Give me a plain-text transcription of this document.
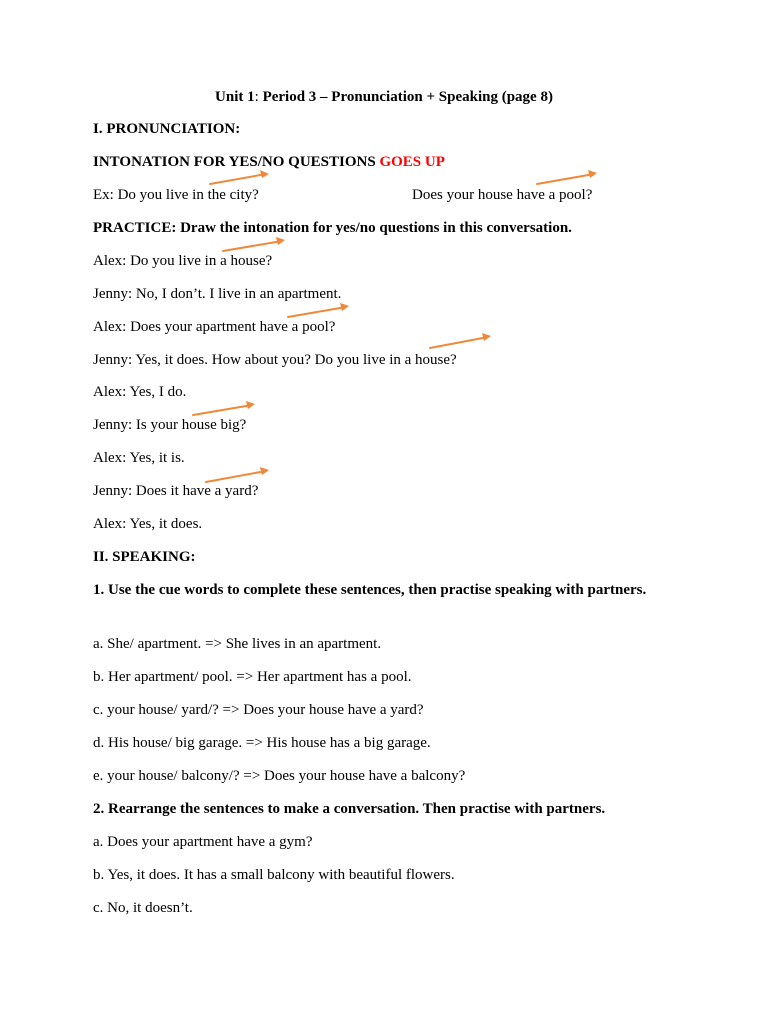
Unit 1: Period 3 – Pronunciation + Speaking (page 8)
I. PRONUNCIATION:
INTONATION FOR YES/NO QUESTIONS GOES UP
Ex: Do you live in the city?	Does your house have a pool?
PRACTICE: Draw the intonation for yes/no questions in this conversation.
Alex: Do you live in a house?
Jenny: No, I don’t. I live in an apartment.
Alex: Does your apartment have a pool?
Jenny: Yes, it does. How about you? Do you live in a house?
Alex: Yes, I do.
Jenny: Is your house big?
Alex: Yes, it is.
Jenny: Does it have a yard?
Alex: Yes, it does.
II. SPEAKING:
1. Use the cue words to complete these sentences, then practise speaking with partners.
a. She/ apartment. => She lives in an apartment.
b. Her apartment/ pool. => Her apartment has a pool.
c. your house/ yard/? => Does your house have a yard?
d. His house/ big garage. => His house has a big garage.
e. your house/ balcony/? => Does your house have a balcony?
2. Rearrange the sentences to make a conversation. Then practise with partners.
a. Does your apartment have a gym?
b. Yes, it does. It has a small balcony with beautiful flowers.
c. No, it doesn’t.
